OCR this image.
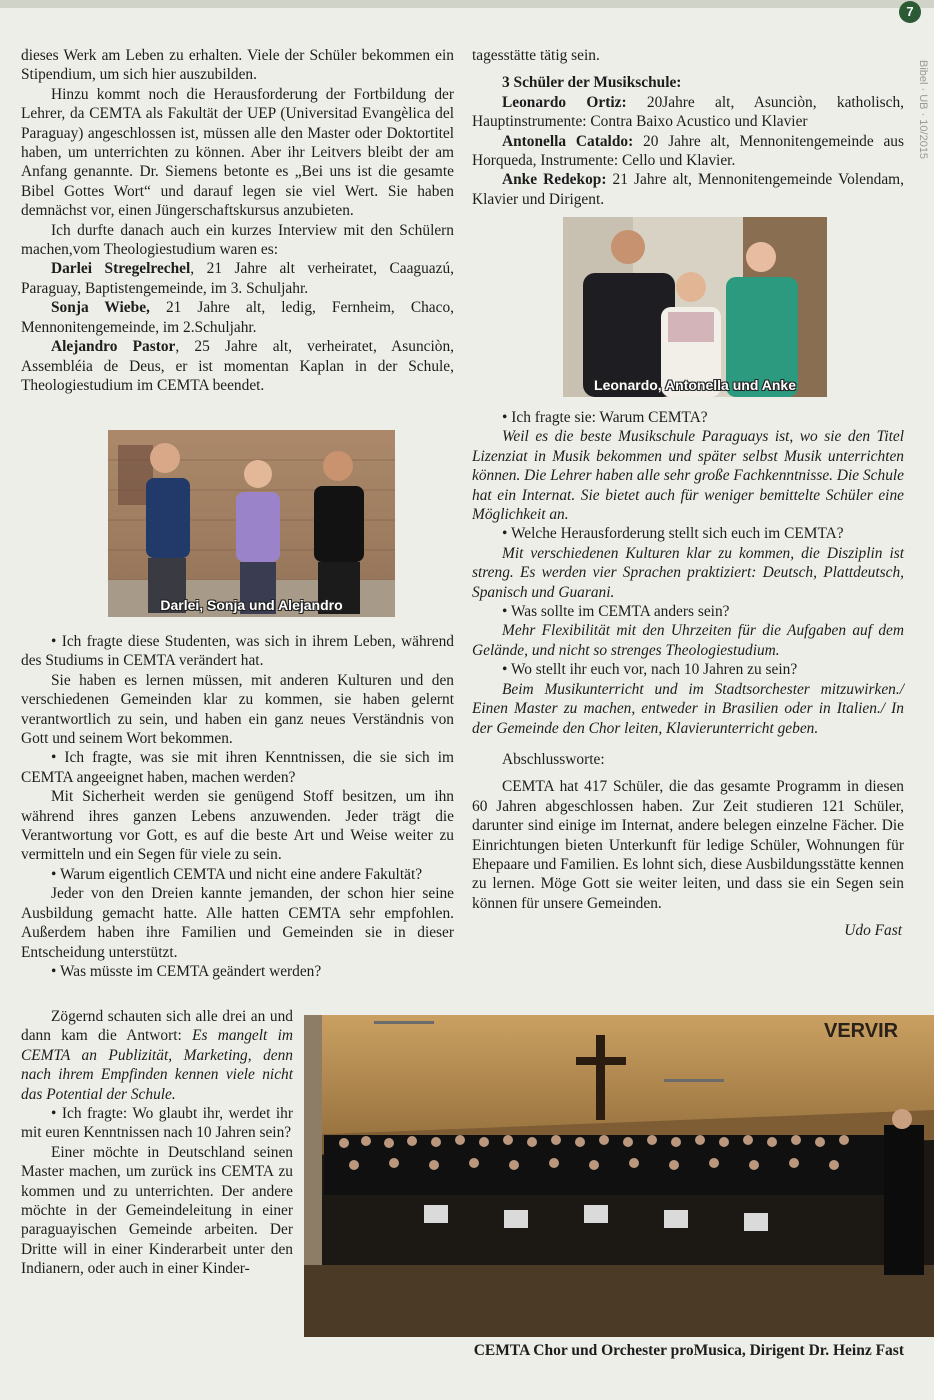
7
Bibel · UB · 10/2015

dieses Werk am Leben zu erhalten. Viele der Schüler bekommen ein Stipendium, um sich hier auszubilden.

Hinzu kommt noch die Herausforderung der Fortbildung der Lehrer, da CEMTA als Fakultät der UEP (Universitad Evangèlica del Paraguay) angeschlossen ist, müssen alle den Master oder Doktortitel haben, um unterrichten zu können. Aber ihr Leitvers bleibt der am Anfang genannte. Dr. Siemens betonte es „Bei uns ist die gesamte Bibel Gottes Wort“ und darauf legen sie viel Wert. Sie haben demnächst vor, einen Jüngerschaftskursus anzubieten.

Ich durfte danach auch ein kurzes Interview mit den Schülern machen,vom Theologiestudium waren es:

Darlei Stregelrechel, 21 Jahre alt verheiratet, Caaguazú, Paraguay, Baptistengemeinde, im 3. Schuljahr.

Sonja Wiebe, 21 Jahre alt, ledig, Fernheim, Chaco, Mennonitengemeinde, im 2.Schuljahr.

Alejandro Pastor, 25 Jahre alt, verheiratet, Asunciòn, Assembléia de Deus, er ist momentan Kaplan in der Schule, Theologiestudium im CEMTA beendet.

Darlei, Sonja und Alejandro

• Ich fragte diese Studenten, was sich in ihrem Leben, während des Studiums in CEMTA verändert hat.

Sie haben es lernen müssen, mit anderen Kulturen und den verschiedenen Gemeinden klar zu kommen, sie haben gelernt verantwortlich zu sein, und haben ein ganz neues Verständnis von Gott und seinem Wort bekommen.

• Ich fragte, was sie mit ihren Kenntnissen, die sie sich im CEMTA angeeignet haben, machen werden?

Mit Sicherheit werden sie genügend Stoff besitzen, um ihn während ihres ganzen Lebens anzuwenden. Jeder trägt die Verantwortung vor Gott, es auf die beste Art und Weise weiter zu vermitteln und ein Segen für viele zu sein.

• Warum eigentlich CEMTA und nicht eine andere Fakultät?

Jeder von den Dreien kannte jemanden, der schon hier seine Ausbildung gemacht hatte. Alle hatten CEMTA sehr empfohlen. Außerdem haben ihre Familien und Gemeinden sie in dieser Entscheidung unterstützt.

• Was müsste im CEMTA geändert werden?

Zögernd schauten sich alle drei an und dann kam die Antwort: Es mangelt im CEMTA an Publizität, Marketing, denn nach ihrem Empfinden kennen viele nicht das Potential der Schule.

• Ich fragte: Wo glaubt ihr, werdet ihr mit euren Kenntnissen nach 10 Jahren sein?

Einer möchte in Deutschland seinen Master machen, um zurück ins CEMTA zu kommen und zu unterrichten. Der andere möchte in der Gemeindeleitung in einer paraguayischen Gemeinde arbeiten. Der Dritte will in einer Kinderarbeit unter den Indianern, oder auch in einer Kinder-

tagesstätte tätig sein.

3 Schüler der Musikschule:

Leonardo Ortiz: 20Jahre alt, Asunciòn, katholisch, Hauptinstrumente: Contra Baixo Acustico und Klavier

Antonella Cataldo: 20 Jahre alt, Mennonitengemeinde aus Horqueda, Instrumente: Cello und Klavier.

Anke Redekop: 21 Jahre alt, Mennonitengemeinde Volendam, Klavier und Dirigent.

Leonardo, Antonella und Anke

• Ich fragte sie: Warum CEMTA?

Weil es die beste Musikschule Paraguays ist, wo sie den Titel Lizenziat in Musik bekommen und später selbst Musik unterrichten können. Die Lehrer haben alle sehr große Fachkenntnisse. Die Schule hat ein Internat. Sie bietet auch für weniger bemittelte Schüler eine Möglichkeit an.

• Welche Herausforderung stellt sich euch im CEMTA?

Mit verschiedenen Kulturen klar zu kommen, die Disziplin ist streng. Es werden vier Sprachen praktiziert: Deutsch, Plattdeutsch, Spanisch und Guarani.

• Was sollte im CEMTA anders sein?

Mehr Flexibilität mit den Uhrzeiten für die Aufgaben auf dem Gelände, und nicht so strenges Theologiestudium.

• Wo stellt ihr euch vor, nach 10 Jahren zu sein?

Beim Musikunterricht und im Stadtsorchester mitzuwirken./ Einen Master zu machen, entweder in Brasilien oder in Italien./ In der Gemeinde den Chor leiten, Klavierunterricht geben.

Abschlussworte:

CEMTA hat 417 Schüler, die das gesamte Programm in diesen 60 Jahren abgeschlossen haben. Zur Zeit studieren 121 Schüler, darunter sind einige im Internat, andere belegen einzelne Fächer. Die Einrichtungen bieten Unterkunft für ledige Schüler, Wohnungen für Ehepaare und Familien. Es lohnt sich, diese Ausbildungsstätte kennen zu lernen. Möge Gott sie weiter leiten, und dass sie ein Segen sein können für unsere Gemeinden.

Udo Fast

VERVIR
CEMTA Chor und Orchester proMusica, Dirigent Dr. Heinz Fast
